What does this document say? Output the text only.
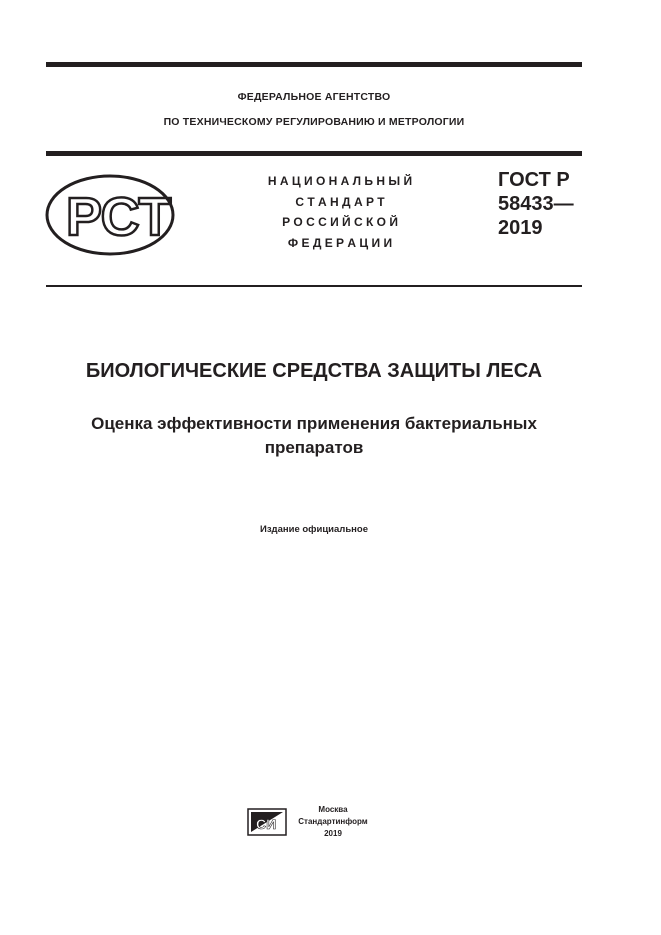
ФЕДЕРАЛЬНОЕ АГЕНТСТВО
ПО ТЕХНИЧЕСКОМУ РЕГУЛИРОВАНИЮ И МЕТРОЛОГИИ
РСТ
Н А Ц И О Н А Л Ь Н Ы Й
С Т А Н Д А Р Т
Р О С С И Й С К О Й
Ф Е Д Е Р А Ц И И
ГОСТ Р
58433—
2019
БИОЛОГИЧЕСКИЕ СРЕДСТВА ЗАЩИТЫ ЛЕСА
Оценка эффективности применения бактериальных
препаратов
Издание официальное
СИ
Москва
Стандартинформ
2019
